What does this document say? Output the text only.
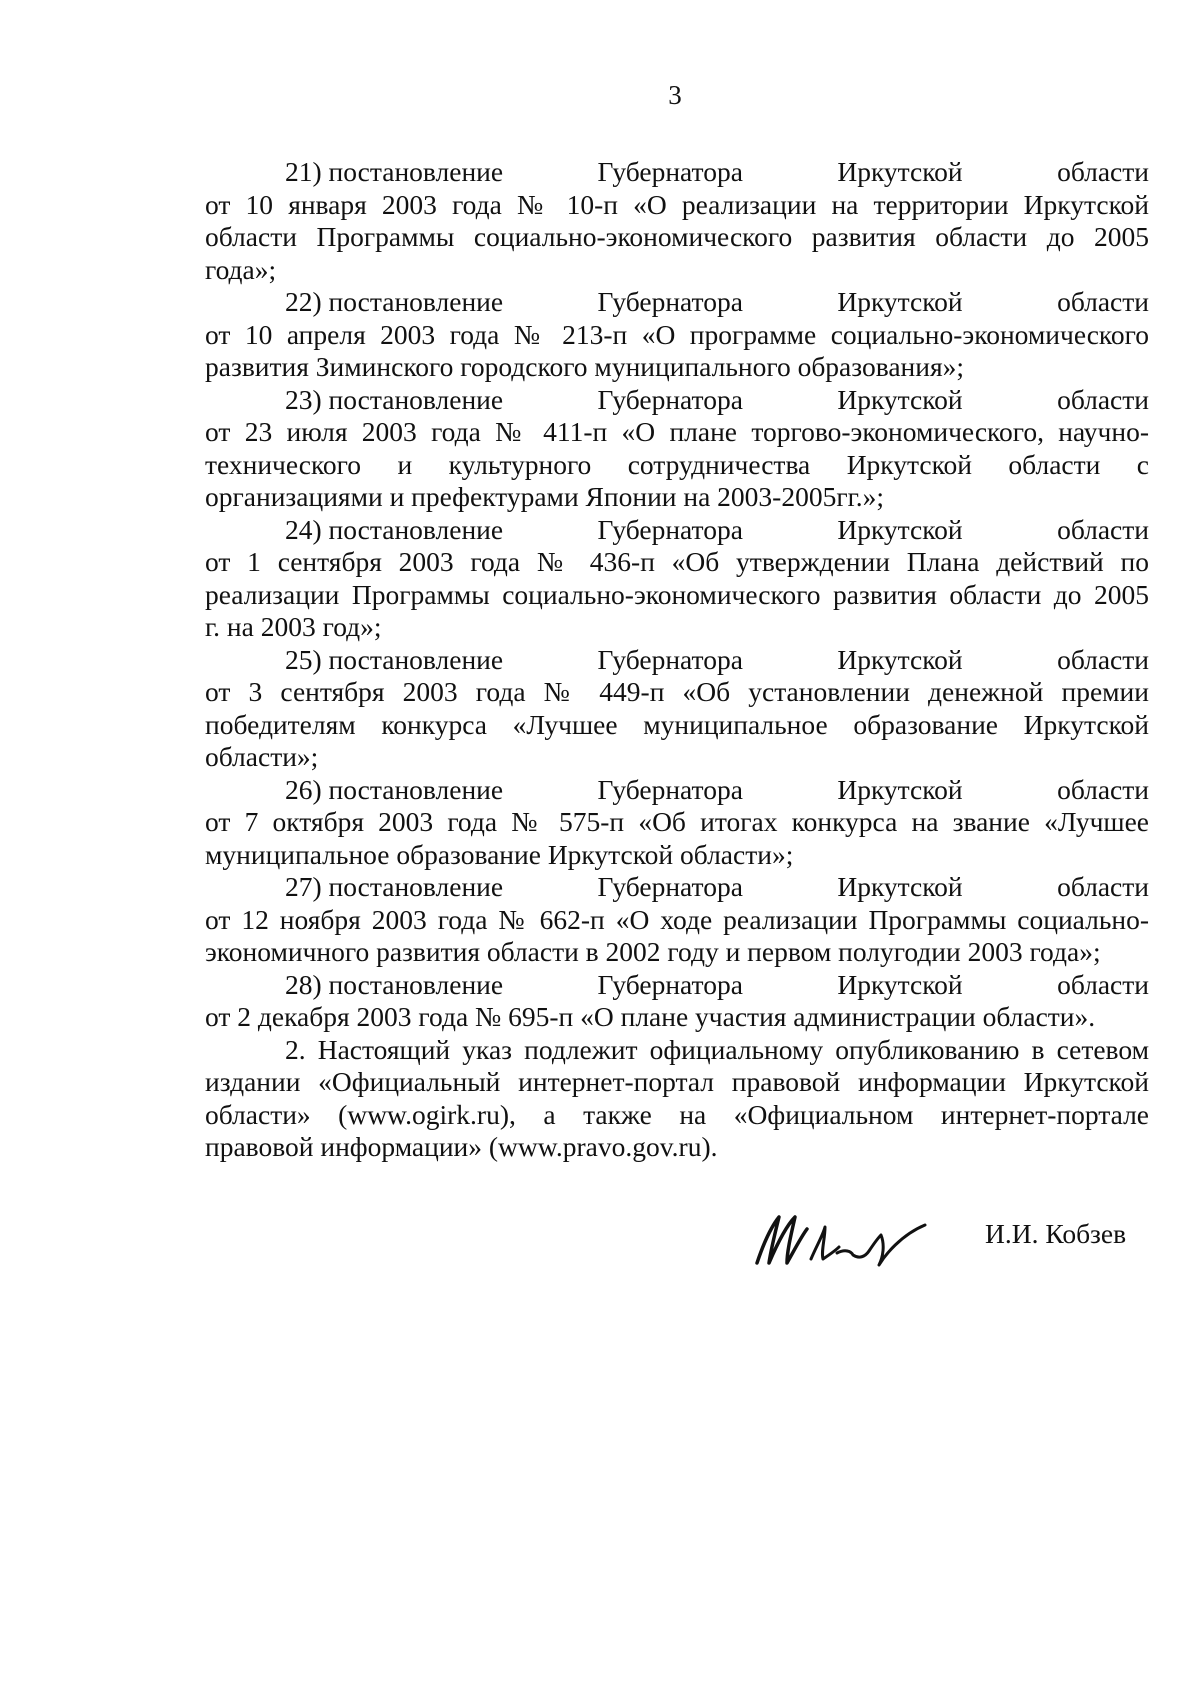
3
21) постановление	Губернатора	Иркутской	области
от 10 января 2003 года № 10-п «О реализации на территории Иркутской
области Программы социально-экономического развития области до 2005
года»;
22) постановление	Губернатора	Иркутской	области
от 10 апреля 2003 года № 213-п «О программе социально-экономического
развития Зиминского городского муниципального образования»;
23) постановление	Губернатора	Иркутской	области
от 23 июля 2003 года № 411-п «О плане торгово-экономического, научно-
технического и культурного сотрудничества Иркутской области с
организациями и префектурами Японии на 2003-2005гг.»;
24) постановление	Губернатора	Иркутской	области
от 1 сентября 2003 года № 436-п «Об утверждении Плана действий по
реализации Программы социально-экономического развития области до 2005
г. на 2003 год»;
25) постановление	Губернатора	Иркутской	области
от 3 сентября 2003 года № 449-п «Об установлении денежной премии
победителям конкурса «Лучшее муниципальное образование Иркутской
области»;
26) постановление	Губернатора	Иркутской	области
от 7 октября 2003 года № 575-п «Об итогах конкурса на звание «Лучшее
муниципальное образование Иркутской области»;
27) постановление	Губернатора	Иркутской	области
от 12 ноября 2003 года № 662-п «О ходе реализации Программы социально-
экономичного развития области в 2002 году и первом полугодии 2003 года»;
28) постановление	Губернатора	Иркутской	области
от 2 декабря 2003 года № 695-п «О плане участия администрации области».
2. Настоящий указ подлежит официальному опубликованию в сетевом
издании «Официальный интернет-портал правовой информации Иркутской
области» (www.ogirk.ru), а также на «Официальном интернет-портале
правовой информации» (www.pravo.gov.ru).
И.И. Кобзев
